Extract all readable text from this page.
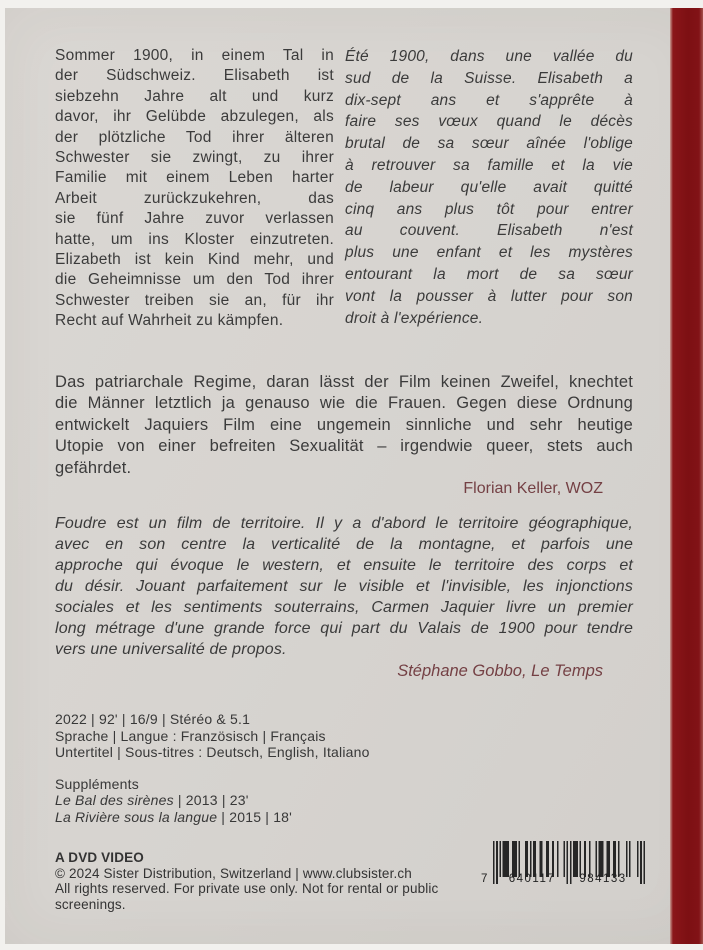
Sommer 1900, in einem Tal in
der Südschweiz. Elisabeth ist
siebzehn Jahre alt und kurz
davor, ihr Gelübde abzulegen, als
der plötzliche Tod ihrer älteren
Schwester sie zwingt, zu ihrer
Familie mit einem Leben harter
Arbeit zurückzukehren, das
sie fünf Jahre zuvor verlassen
hatte, um ins Kloster einzutreten.
Elizabeth ist kein Kind mehr, und
die Geheimnisse um den Tod ihrer
Schwester treiben sie an, für ihr
Recht auf Wahrheit zu kämpfen.
Été 1900, dans une vallée du
sud de la Suisse. Elisabeth a
dix-sept ans et s'apprête à
faire ses vœux quand le décès
brutal de sa sœur aînée l'oblige
à retrouver sa famille et la vie
de labeur qu'elle avait quitté
cinq ans plus tôt pour entrer
au couvent. Elisabeth n'est
plus une enfant et les mystères
entourant la mort de sa sœur
vont la pousser à lutter pour son
droit à l'expérience.
Das patriarchale Regime, daran lässt der Film keinen Zweifel, knechtet
die Männer letztlich ja genauso wie die Frauen. Gegen diese Ordnung
entwickelt Jaquiers Film eine ungemein sinnliche und sehr heutige
Utopie von einer befreiten Sexualität – irgendwie queer, stets auch
gefährdet.
Florian Keller, WOZ
Foudre est un film de territoire. Il y a d'abord le territoire géographique,
avec en son centre la verticalité de la montagne, et parfois une
approche qui évoque le western, et ensuite le territoire des corps et
du désir. Jouant parfaitement sur le visible et l'invisible, les injonctions
sociales et les sentiments souterrains, Carmen Jaquier livre un premier
long métrage d'une grande force qui part du Valais de 1900 pour tendre
vers une universalité de propos.
Stéphane Gobbo, Le Temps
2022 | 92' | 16/9 | Stéréo & 5.1
Sprache | Langue : Französisch | Français
Untertitel | Sous-titres : Deutsch, English, Italiano
Suppléments
Le Bal des sirènes | 2013 | 23'
La Rivière sous la langue | 2015 | 18'
A DVD VIDEO
© 2024 Sister Distribution, Switzerland | www.clubsister.ch
All rights reserved. For private use only. Not for rental or public screenings.
7	640117	984133
